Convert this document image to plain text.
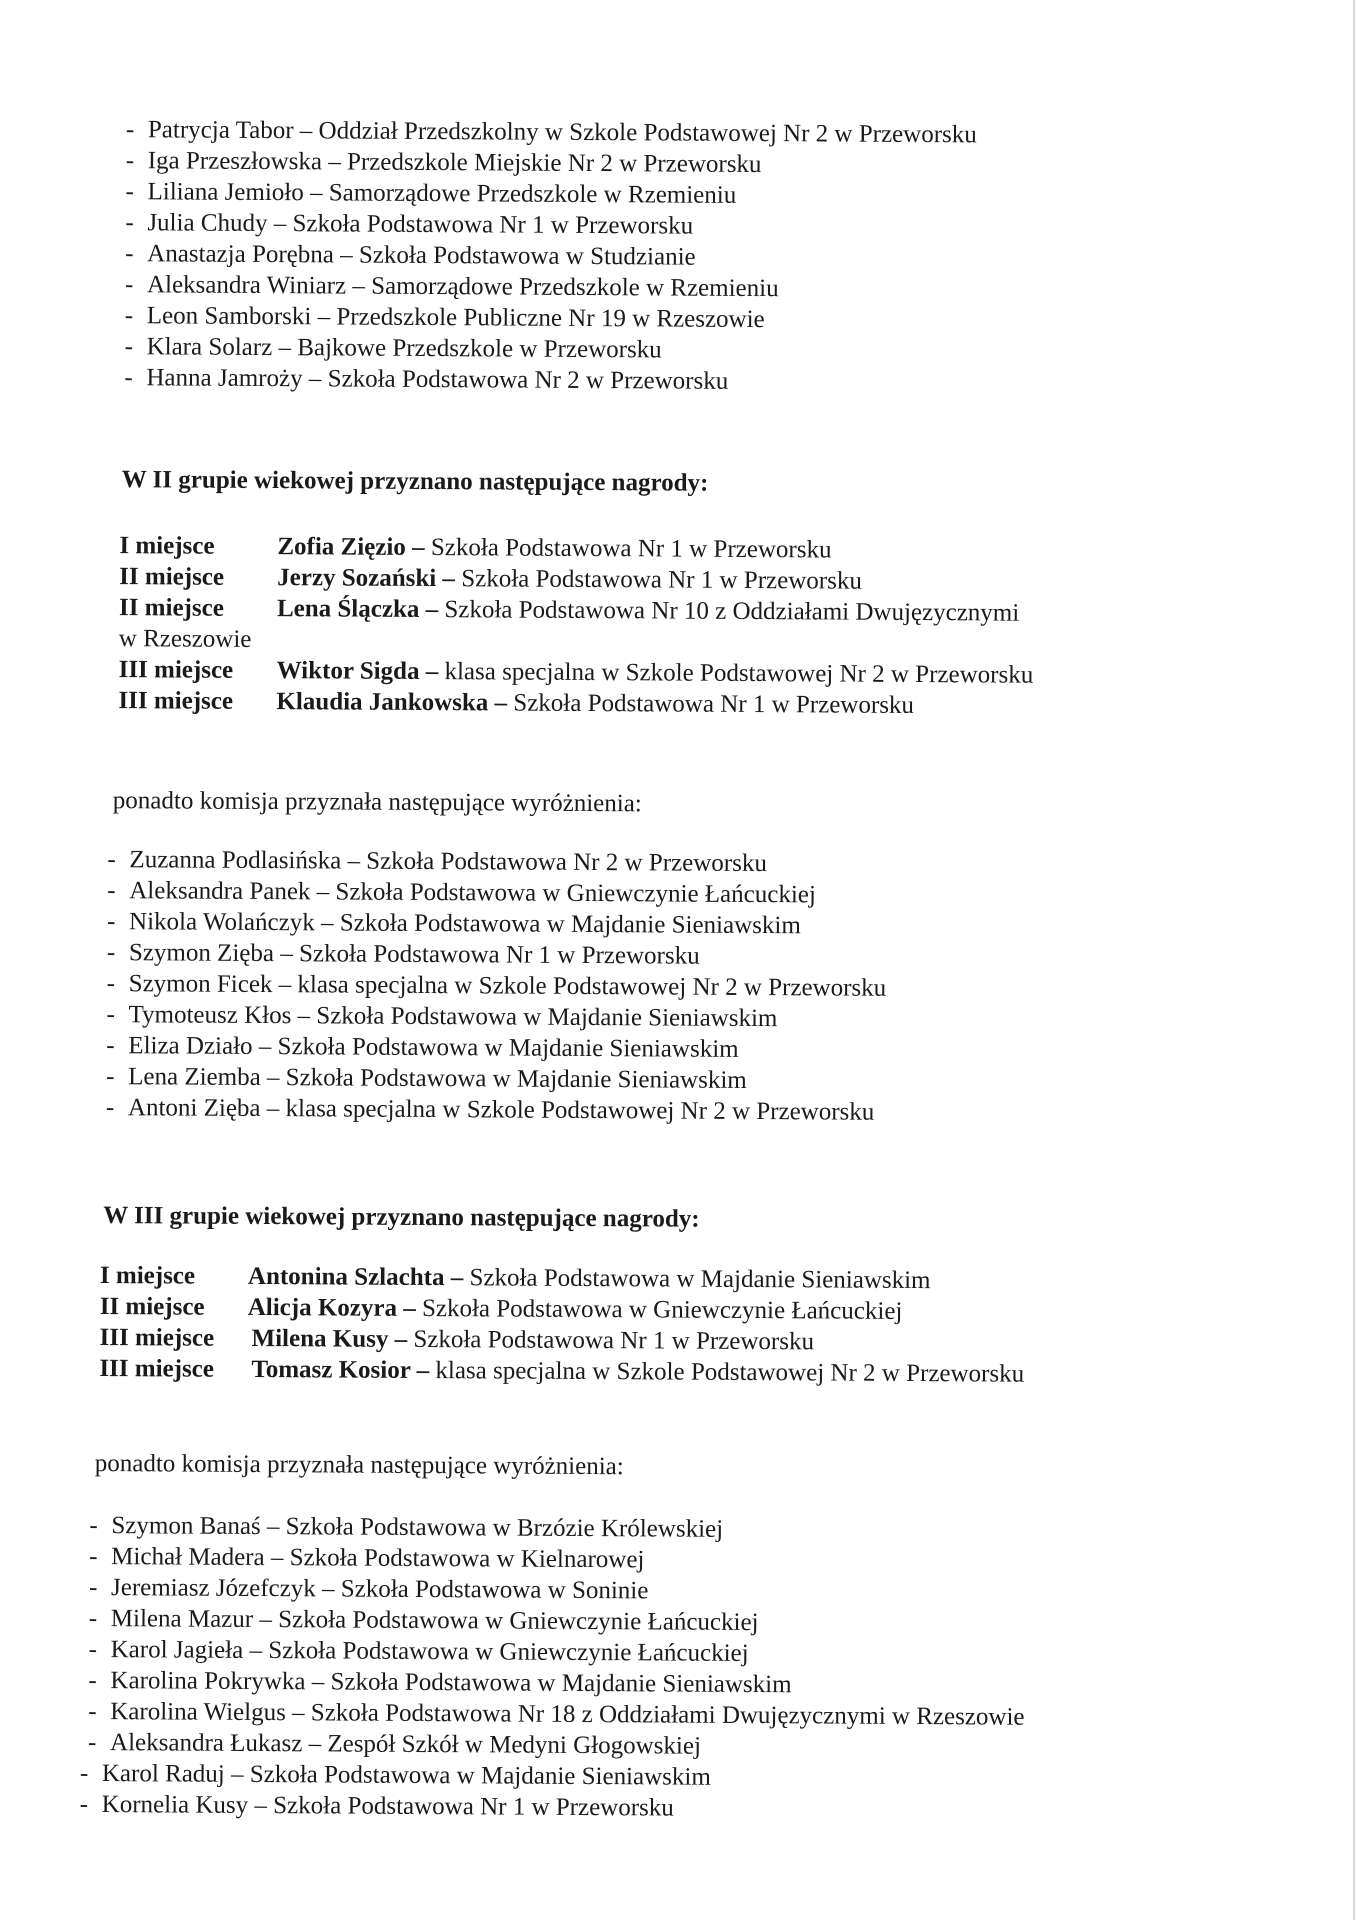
- Patrycja Tabor – Oddział Przedszkolny w Szkole Podstawowej Nr 2 w Przeworsku
- Iga Przeszłowska – Przedszkole Miejskie Nr 2 w Przeworsku
- Liliana Jemioło – Samorządowe Przedszkole w Rzemieniu
- Julia Chudy – Szkoła Podstawowa Nr 1 w Przeworsku
- Anastazja Porębna – Szkoła Podstawowa w Studzianie
- Aleksandra Winiarz – Samorządowe Przedszkole w Rzemieniu
- Leon Samborski – Przedszkole Publiczne Nr 19 w Rzeszowie
- Klara Solarz – Bajkowe Przedszkole w Przeworsku
- Hanna Jamroży – Szkoła Podstawowa Nr 2 w Przeworsku
W II grupie wiekowej przyznano następujące nagrody:
I miejsce	Zofia Zięzio – Szkoła Podstawowa Nr 1 w Przeworsku
II miejsce	Jerzy Sozański – Szkoła Podstawowa Nr 1 w Przeworsku
II miejsce	Lena Ślączka – Szkoła Podstawowa Nr 10 z Oddziałami Dwujęzycznymi
w Rzeszowie
III miejsce	Wiktor Sigda – klasa specjalna w Szkole Podstawowej Nr 2 w Przeworsku
III miejsce	Klaudia Jankowska – Szkoła Podstawowa Nr 1 w Przeworsku
ponadto komisja przyznała następujące wyróżnienia:
- Zuzanna Podlasińska – Szkoła Podstawowa Nr 2 w Przeworsku
- Aleksandra Panek – Szkoła Podstawowa w Gniewczynie Łańcuckiej
- Nikola Wolańczyk – Szkoła Podstawowa w Majdanie Sieniawskim
- Szymon Zięba – Szkoła Podstawowa Nr 1 w Przeworsku
- Szymon Ficek – klasa specjalna w Szkole Podstawowej Nr 2 w Przeworsku
- Tymoteusz Kłos – Szkoła Podstawowa w Majdanie Sieniawskim
- Eliza Działo – Szkoła Podstawowa w Majdanie Sieniawskim
- Lena Ziemba – Szkoła Podstawowa w Majdanie Sieniawskim
- Antoni Zięba – klasa specjalna w Szkole Podstawowej Nr 2 w Przeworsku
W III grupie wiekowej przyznano następujące nagrody:
I miejsce	Antonina Szlachta – Szkoła Podstawowa w Majdanie Sieniawskim
II miejsce	Alicja Kozyra – Szkoła Podstawowa w Gniewczynie Łańcuckiej
III miejsce	Milena Kusy – Szkoła Podstawowa Nr 1 w Przeworsku
III miejsce	Tomasz Kosior – klasa specjalna w Szkole Podstawowej Nr 2 w Przeworsku
ponadto komisja przyznała następujące wyróżnienia:
- Szymon Banaś – Szkoła Podstawowa w Brzózie Królewskiej
- Michał Madera – Szkoła Podstawowa w Kielnarowej
- Jeremiasz Józefczyk – Szkoła Podstawowa w Soninie
- Milena Mazur – Szkoła Podstawowa w Gniewczynie Łańcuckiej
- Karol Jagieła – Szkoła Podstawowa w Gniewczynie Łańcuckiej
- Karolina Pokrywka – Szkoła Podstawowa w Majdanie Sieniawskim
- Karolina Wielgus – Szkoła Podstawowa Nr 18 z Oddziałami Dwujęzycznymi w Rzeszowie
- Aleksandra Łukasz – Zespół Szkół w Medyni Głogowskiej
- Karol Raduj – Szkoła Podstawowa w Majdanie Sieniawskim
- Kornelia Kusy – Szkoła Podstawowa Nr 1 w Przeworsku
